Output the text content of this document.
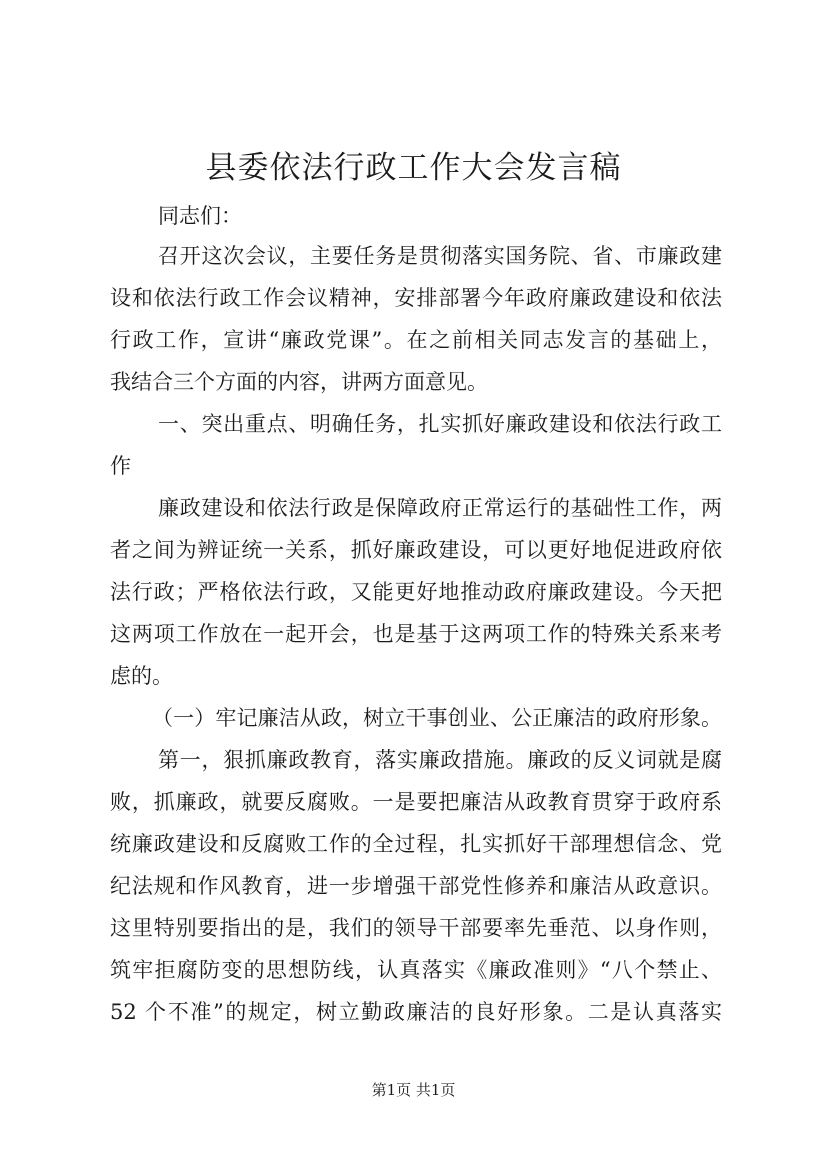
县委依法行政工作大会发言稿

同志们：

召开这次会议，主要任务是贯彻落实国务院、省、市廉政建

设和依法行政工作会议精神，安排部署今年政府廉政建设和依法

行政工作，宣讲“廉政党课”。在之前相关同志发言的基础上，

我结合三个方面的内容，讲两方面意见。

一、突出重点、明确任务，扎实抓好廉政建设和依法行政工

作

廉政建设和依法行政是保障政府正常运行的基础性工作，两

者之间为辨证统一关系，抓好廉政建设，可以更好地促进政府依

法行政；严格依法行政，又能更好地推动政府廉政建设。今天把

这两项工作放在一起开会，也是基于这两项工作的特殊关系来考

虑的。

（一）牢记廉洁从政，树立干事创业、公正廉洁的政府形象。

第一，狠抓廉政教育，落实廉政措施。廉政的反义词就是腐

败，抓廉政，就要反腐败。一是要把廉洁从政教育贯穿于政府系

统廉政建设和反腐败工作的全过程，扎实抓好干部理想信念、党

纪法规和作风教育，进一步增强干部党性修养和廉洁从政意识。

这里特别要指出的是，我们的领导干部要率先垂范、以身作则，

筑牢拒腐防变的思想防线，认真落实《廉政准则》“八个禁止、

52 个不准”的规定，树立勤政廉洁的良好形象。二是认真落实

第1页 共1页
